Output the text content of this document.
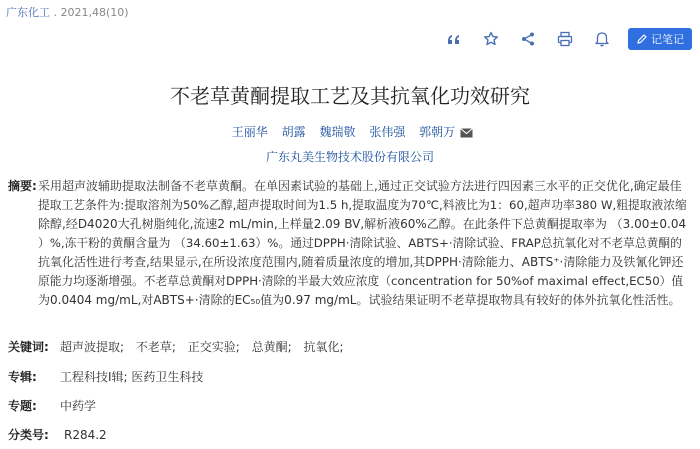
广东化工 . 2021,48(10)
记笔记
不老草黄酮提取工艺及其抗氧化功效研究
王丽华 胡露 魏瑞敬 张伟强 郭朝万
广东丸美生物技术股份有限公司
摘要: 采用超声波辅助提取法制备不老草黄酮。在单因素试验的基础上,通过正交试验方法进行四因素三水平的正交优化,确定最佳
提取工艺条件为:提取溶剂为50%乙醇,超声提取时间为1.5 h,提取温度为70℃,料液比为1：60,超声功率380 W,粗提取液浓缩
除醇,经D4020大孔树脂纯化,流速2 mL/min,上样量2.09 BV,解析液60%乙醇。在此条件下总黄酮提取率为 （3.00±0.04
）%,冻干粉的黄酮含量为 （34.60±1.63）%。通过DPPH·清除试验、ABTS+·清除试验、FRAP总抗氧化对不老草总黄酮的
抗氧化活性进行考查,结果显示,在所设浓度范围内,随着质量浓度的增加,其DPPH·清除能力、ABTS⁺·清除能力及铁氰化钾还
原能力均逐渐增强。不老草总黄酮对DPPH·清除的半最大效应浓度（concentration for 50%of maximal effect,EC50）值
为0.0404 mg/mL,对ABTS+·清除的EC₅₀值为0.97 mg/mL。试验结果证明不老草提取物具有较好的体外抗氧化性活性。
关键词: 超声波提取; 不老草; 正交实验; 总黄酮; 抗氧化;
专辑: 工程科技Ⅰ辑; 医药卫生科技
专题: 中药学
分类号: R284.2
